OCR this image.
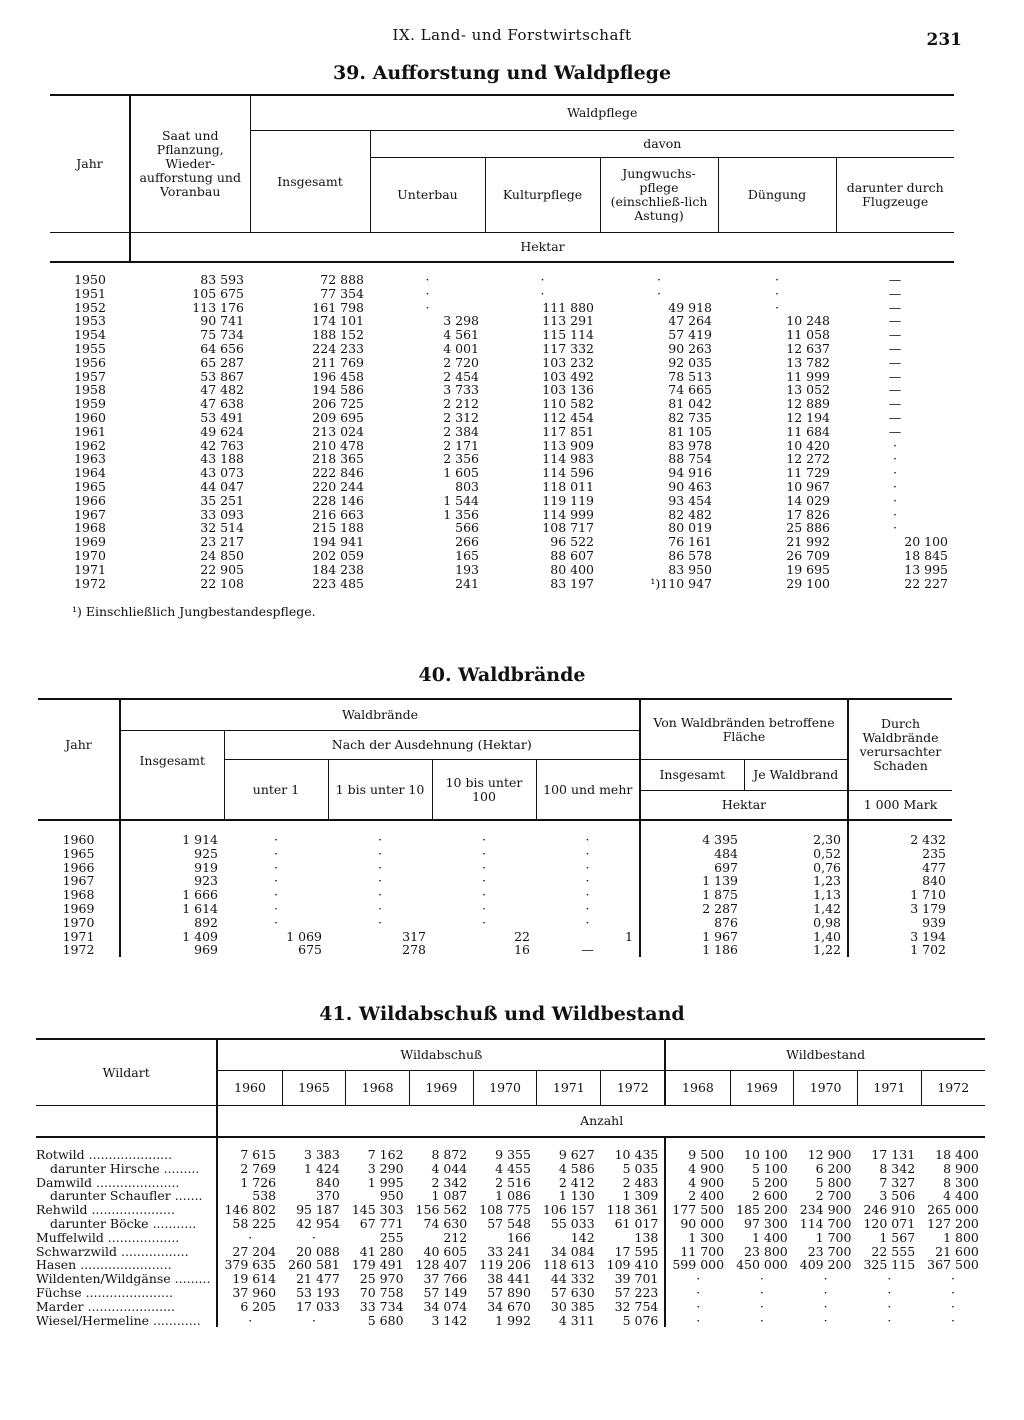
IX. Land- und Forstwirtschaft	231
39. Aufforstung und Waldpflege
Jahr	Saat und Pflanzung, Wieder-aufforstung und Voranbau	Waldpflege					
		Insgesamt	davon				
			Unterbau	Kulturpflege	Jungwuchs-pflege (einschließ-lich Astung)	Düngung	darunter durch Flugzeuge
	Hektar						
1950	83 593	72 888	·	·	·	·	—
1951	105 675	77 354	·	·	·	·	—
1952	113 176	161 798	·	111 880	49 918	·	—
1953	90 741	174 101	3 298	113 291	47 264	10 248	—
1954	75 734	188 152	4 561	115 114	57 419	11 058	—
1955	64 656	224 233	4 001	117 332	90 263	12 637	—
1956	65 287	211 769	2 720	103 232	92 035	13 782	—
1957	53 867	196 458	2 454	103 492	78 513	11 999	—
1958	47 482	194 586	3 733	103 136	74 665	13 052	—
1959	47 638	206 725	2 212	110 582	81 042	12 889	—
1960	53 491	209 695	2 312	112 454	82 735	12 194	—
1961	49 624	213 024	2 384	117 851	81 105	11 684	—
1962	42 763	210 478	2 171	113 909	83 978	10 420	·
1963	43 188	218 365	2 356	114 983	88 754	12 272	·
1964	43 073	222 846	1 605	114 596	94 916	11 729	·
1965	44 047	220 244	803	118 011	90 463	10 967	·
1966	35 251	228 146	1 544	119 119	93 454	14 029	·
1967	33 093	216 663	1 356	114 999	82 482	17 826	·
1968	32 514	215 188	566	108 717	80 019	25 886	·
1969	23 217	194 941	266	96 522	76 161	21 992	20 100
1970	24 850	202 059	165	88 607	86 578	26 709	18 845
1971	22 905	184 238	193	80 400	83 950	19 695	13 995
1972	22 108	223 485	241	83 197	¹)110 947	29 100	22 227
¹) Einschließlich Jungbestandespflege.
40. Waldbrände
Jahr	Waldbrände					Von Waldbränden betroffene Fläche		Durch Waldbrände verursachter Schaden
	Insgesamt	Nach der Ausdehnung (Hektar)						
		unter 1	1 bis unter 10	10 bis unter 100	100 und mehr	Insgesamt	Je Waldbrand	
						Hektar		1 000 Mark
1960	1 914	·	·	·	·	4 395	2,30	2 432
1965	925	·	·	·	·	484	0,52	235
1966	919	·	·	·	·	697	0,76	477
1967	923	·	·	·	·	1 139	1,23	840
1968	1 666	·	·	·	·	1 875	1,13	1 710
1969	1 614	·	·	·	·	2 287	1,42	3 179
1970	892	·	·	·	·	876	0,98	939
1971	1 409	1 069	317	22	1	1 967	1,40	3 194
1972	969	675	278	16	—	1 186	1,22	1 702
41. Wildabschuß und Wildbestand
Wildart	Wildabschuß							Wildbestand				
	1960	1965	1968	1969	1970	1971	1972	1968	1969	1970	1971	1972
	Anzahl											
Rotwild .....................	7 615	3 383	7 162	8 872	9 355	9 627	10 435	9 500	10 100	12 900	17 131	18 400
darunter Hirsche .........	2 769	1 424	3 290	4 044	4 455	4 586	5 035	4 900	5 100	6 200	8 342	8 900
Damwild .....................	1 726	840	1 995	2 342	2 516	2 412	2 483	4 900	5 200	5 800	7 327	8 300
darunter Schaufler .......	538	370	950	1 087	1 086	1 130	1 309	2 400	2 600	2 700	3 506	4 400
Rehwild .....................	146 802	95 187	145 303	156 562	108 775	106 157	118 361	177 500	185 200	234 900	246 910	265 000
darunter Böcke ...........	58 225	42 954	67 771	74 630	57 548	55 033	61 017	90 000	97 300	114 700	120 071	127 200
Muffelwild ..................	·	·	255	212	166	142	138	1 300	1 400	1 700	1 567	1 800
Schwarzwild .................	27 204	20 088	41 280	40 605	33 241	34 084	17 595	11 700	23 800	23 700	22 555	21 600
Hasen .......................	379 635	260 581	179 491	128 407	119 206	118 613	109 410	599 000	450 000	409 200	325 115	367 500
Wildenten/Wildgänse .........	19 614	21 477	25 970	37 766	38 441	44 332	39 701	·	·	·	·	·
Füchse ......................	37 960	53 193	70 758	57 149	57 890	57 630	57 223	·	·	·	·	·
Marder ......................	6 205	17 033	33 734	34 074	34 670	30 385	32 754	·	·	·	·	·
Wiesel/Hermeline ............	·	·	5 680	3 142	1 992	4 311	5 076	·	·	·	·	·
